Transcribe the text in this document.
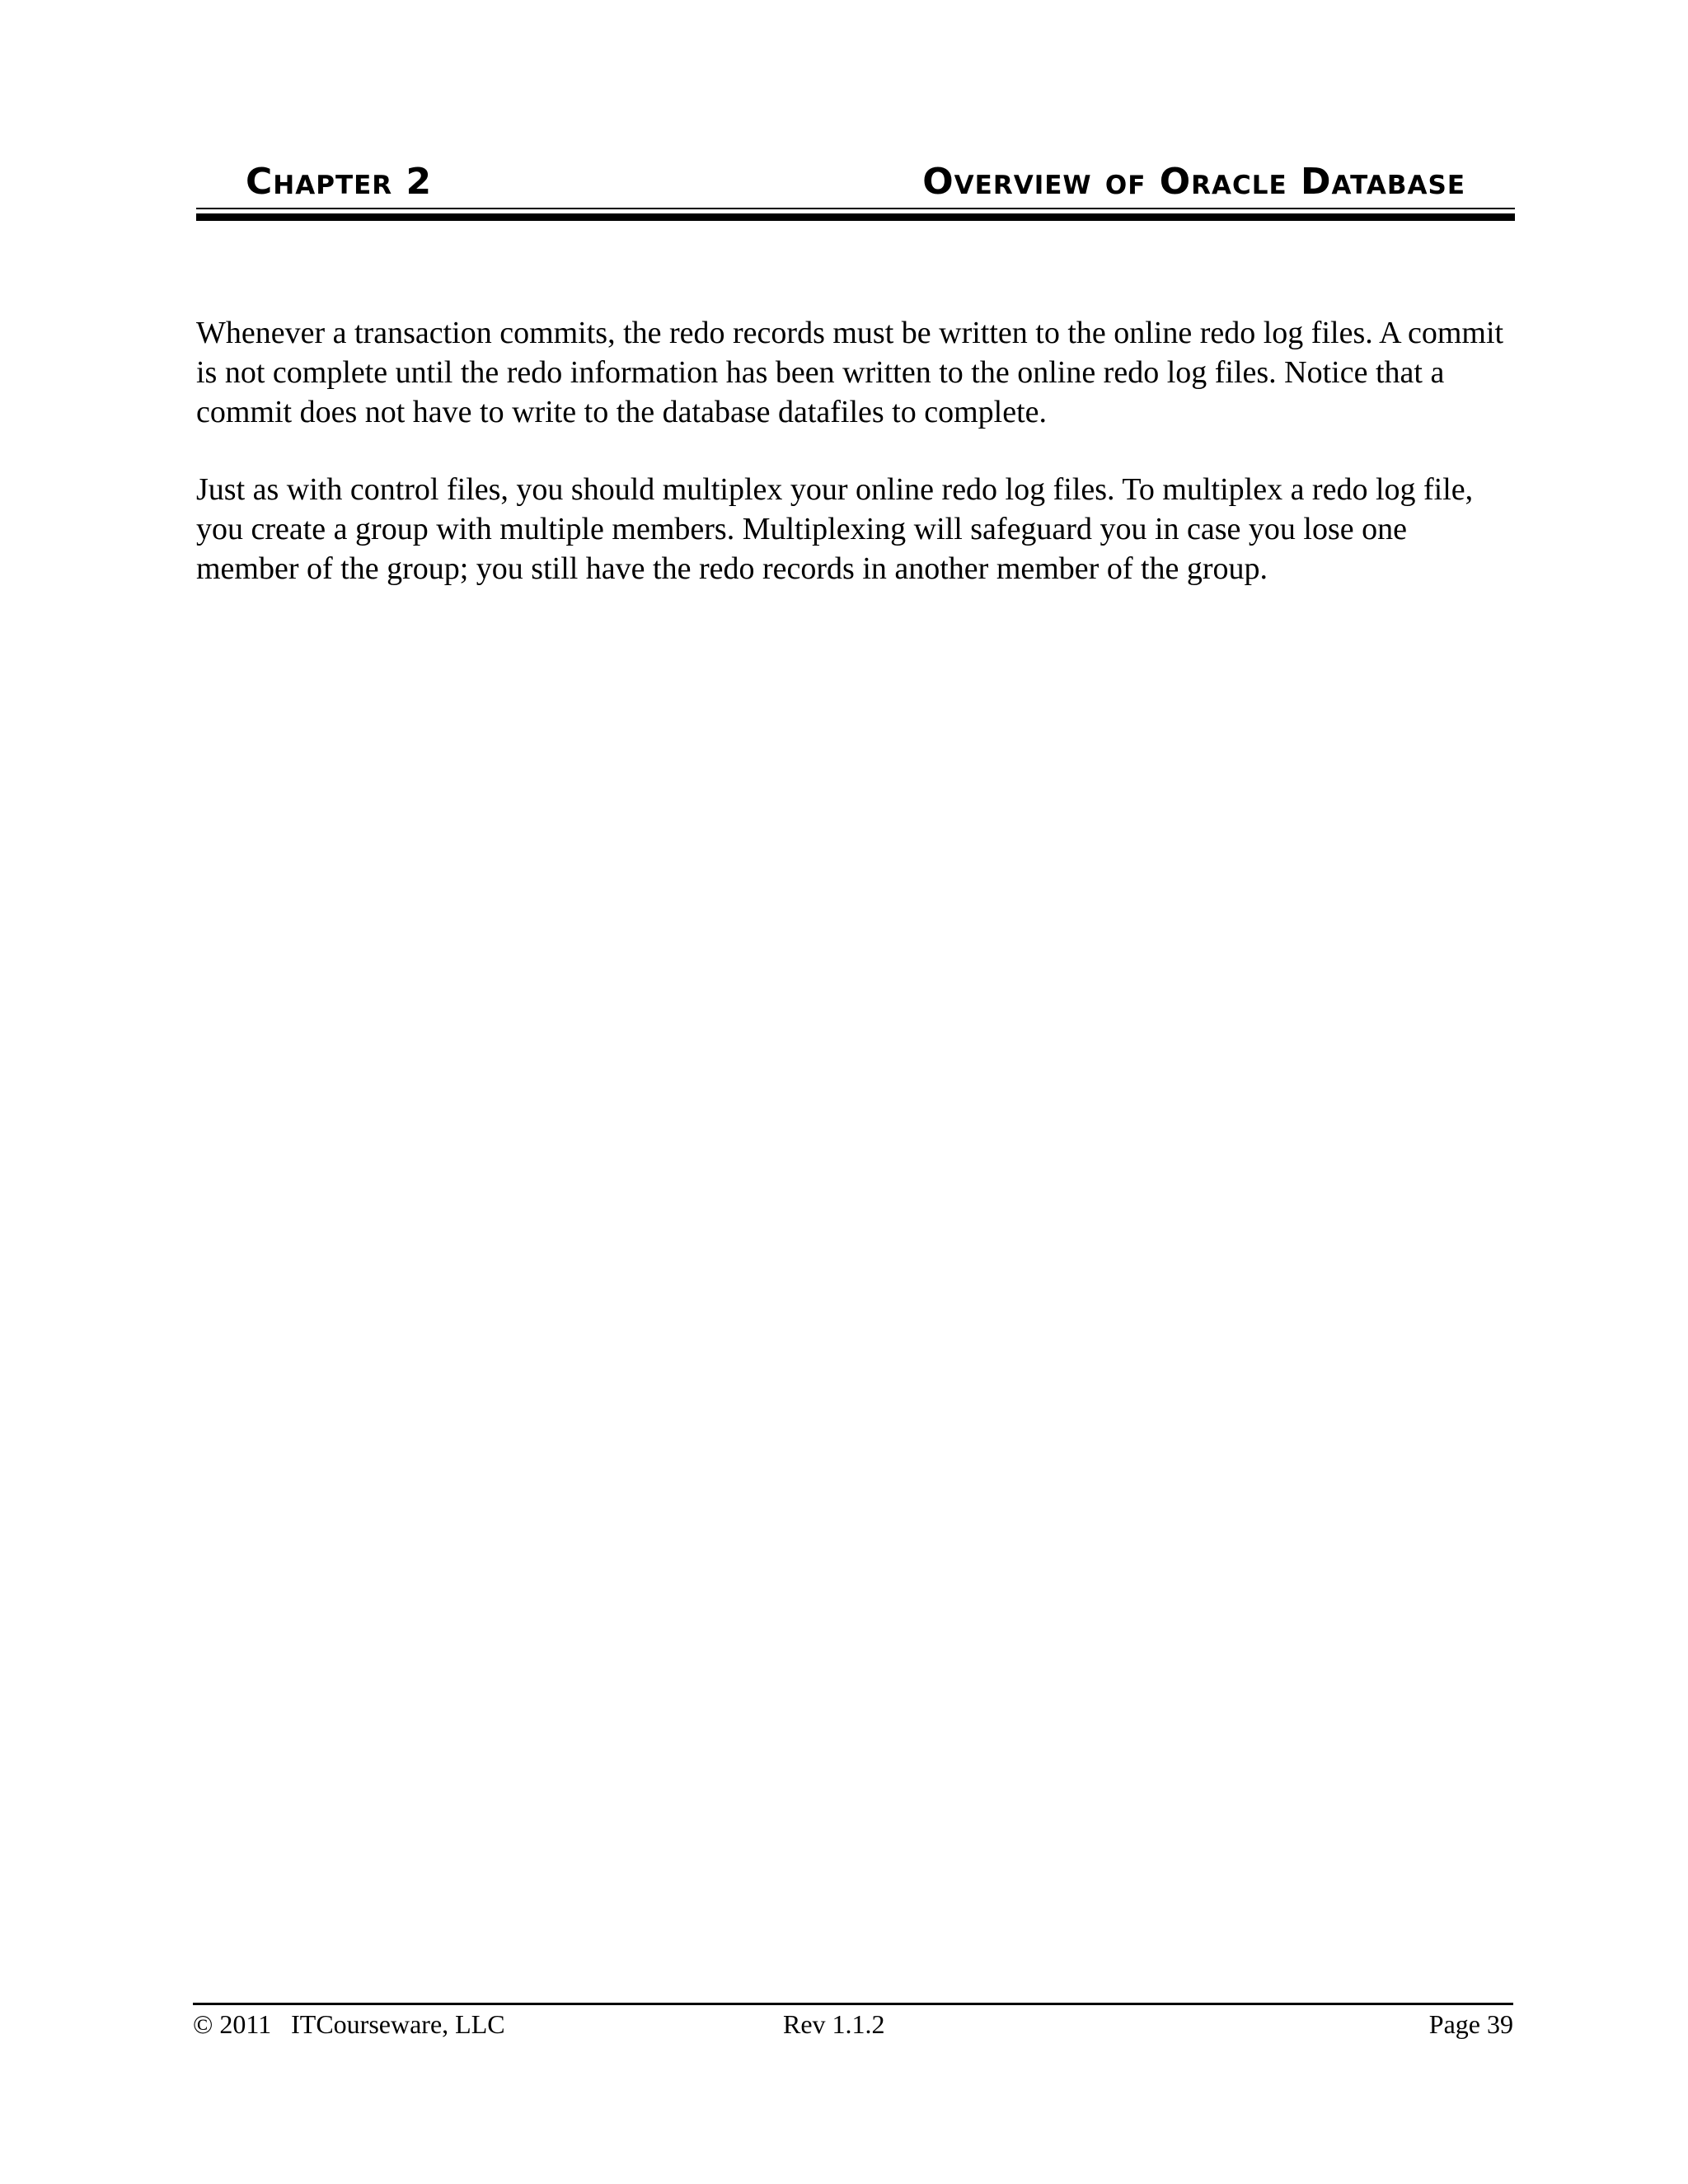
Chapter 2	Overview of Oracle Database

Whenever a transaction commits, the redo records must be written to the online redo log files. A commit is not complete until the redo information has been written to the online redo log files. Notice that a commit does not have to write to the database datafiles to complete.

Just as with control files, you should multiplex your online redo log files. To multiplex a redo log file, you create a group with multiple members. Multiplexing will safeguard you in case you lose one member of the group; you still have the redo records in another member of the group.

© 2011   ITCourseware, LLC	Rev 1.1.2	Page 39
